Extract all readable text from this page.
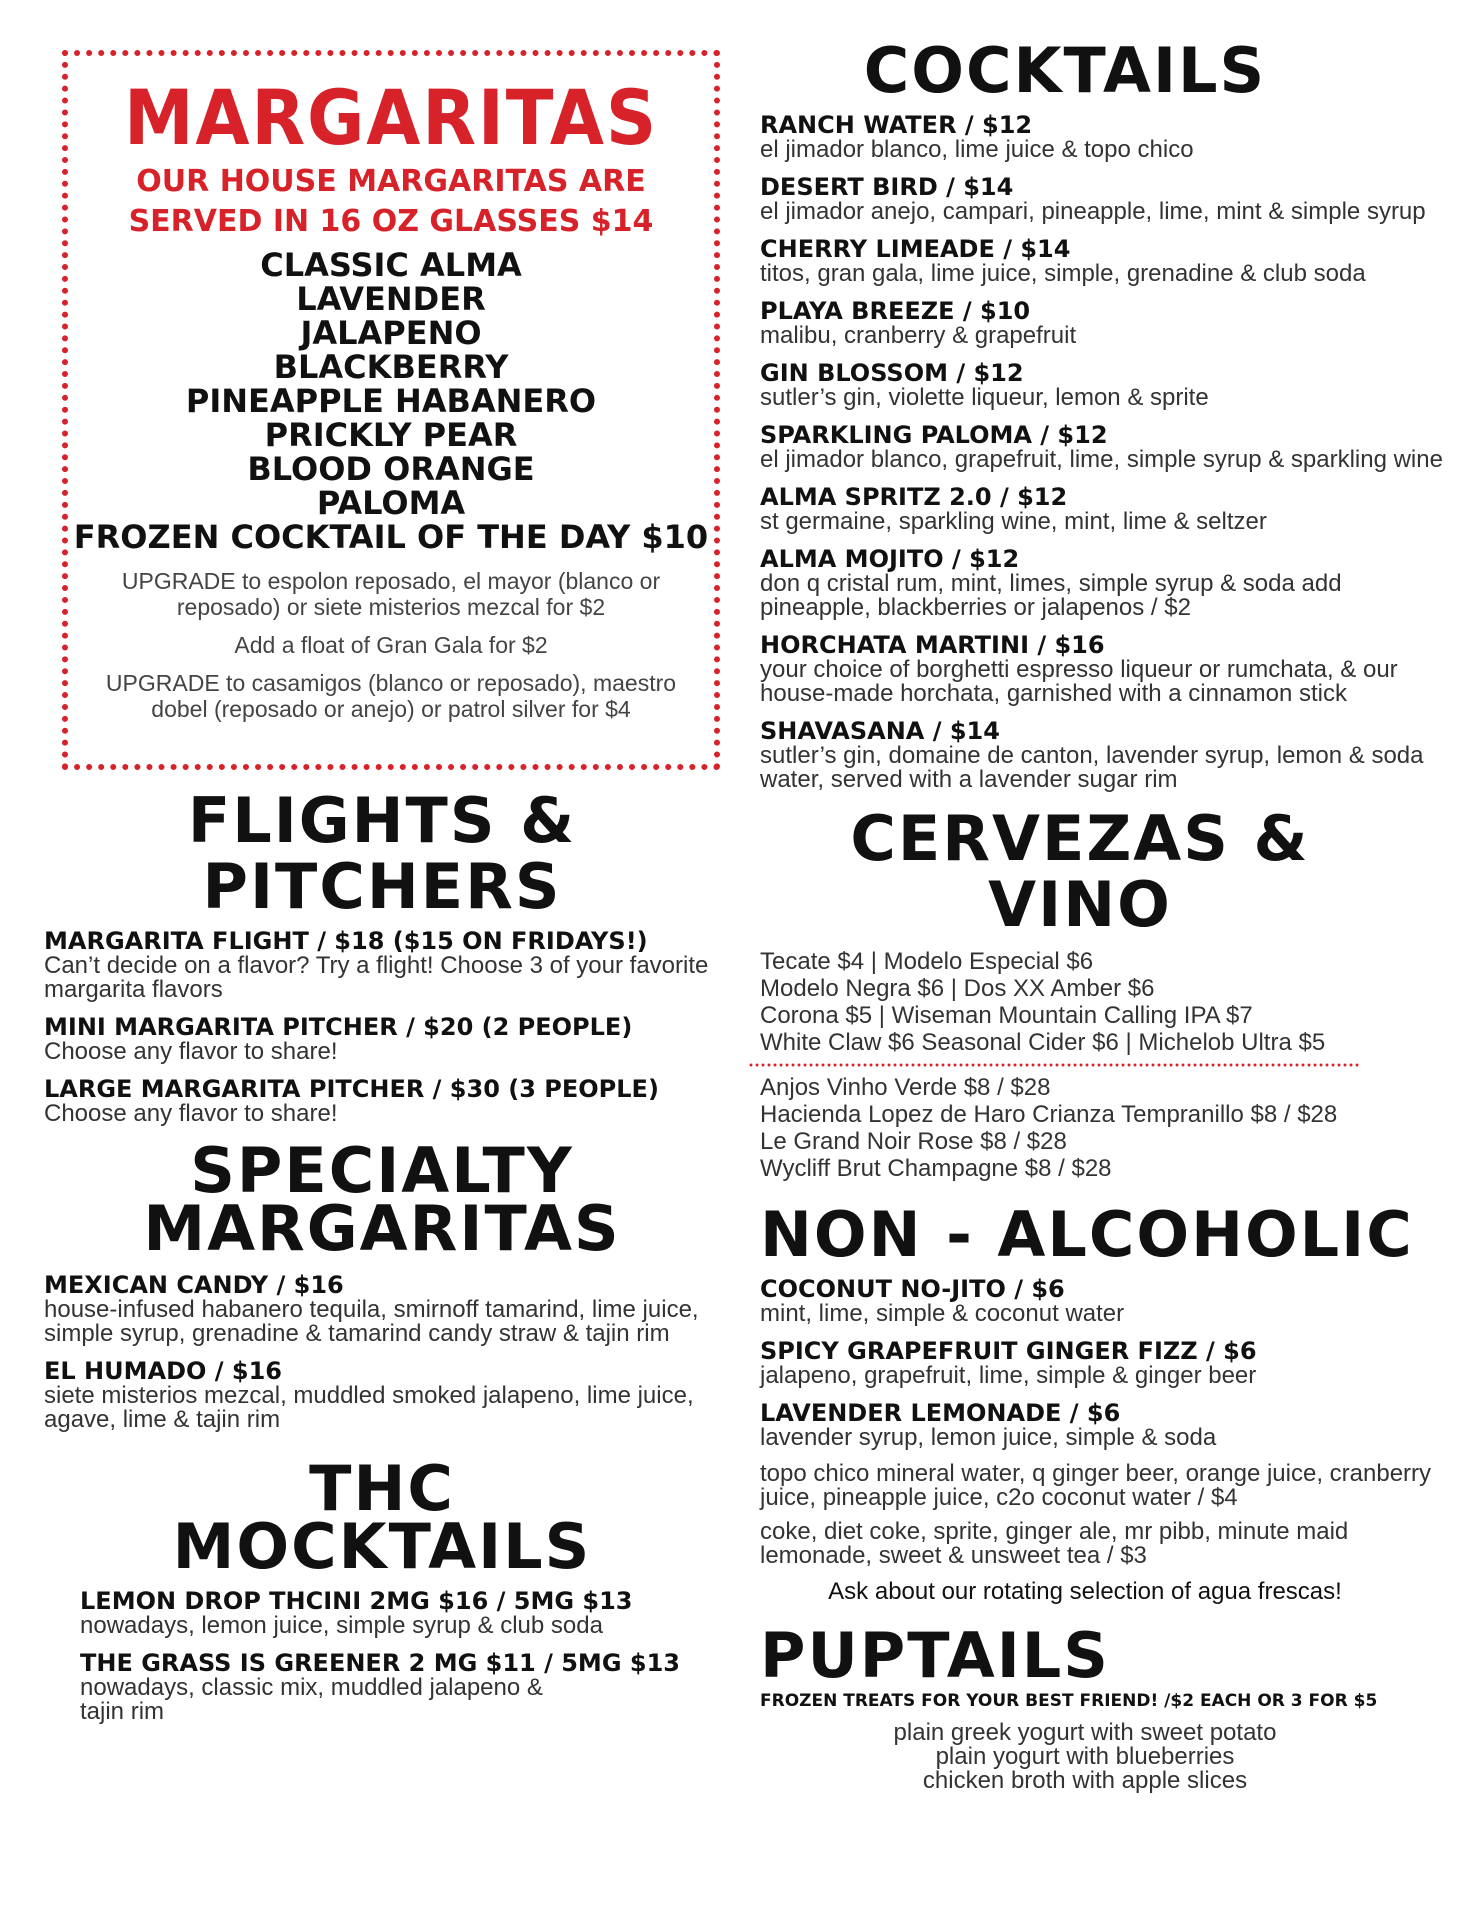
MARGARITAS
OUR HOUSE MARGARITAS ARE
SERVED IN 16 OZ GLASSES $14
CLASSIC ALMA
LAVENDER
JALAPENO
BLACKBERRY
PINEAPPLE HABANERO
PRICKLY PEAR
BLOOD ORANGE
PALOMA
FROZEN COCKTAIL OF THE DAY $10
UPGRADE to espolon reposado, el mayor (blanco or reposado) or siete misterios mezcal for $2
Add a float of Gran Gala for $2
UPGRADE to casamigos (blanco or reposado), maestro dobel (reposado or anejo) or patrol silver for $4
FLIGHTS &
PITCHERS
MARGARITA FLIGHT / $18 ($15 ON FRIDAYS!)
Can’t decide on a flavor? Try a flight! Choose 3 of your favorite margarita flavors
MINI MARGARITA PITCHER / $20 (2 PEOPLE)
Choose any flavor to share!
LARGE MARGARITA PITCHER / $30 (3 PEOPLE)
Choose any flavor to share!
SPECIALTY
MARGARITAS
MEXICAN CANDY / $16
house-infused habanero tequila, smirnoff tamarind, lime juice, simple syrup, grenadine & tamarind candy straw & tajin rim
EL HUMADO / $16
siete misterios mezcal, muddled smoked jalapeno, lime juice, agave, lime & tajin rim
THC
MOCKTAILS
LEMON DROP THCINI 2MG $16 / 5MG $13
nowadays, lemon juice, simple syrup & club soda
THE GRASS IS GREENER 2 MG $11 / 5MG $13
nowadays, classic mix, muddled jalapeno & tajin rim
COCKTAILS
RANCH WATER / $12
el jimador blanco, lime juice & topo chico
DESERT BIRD / $14
el jimador anejo, campari, pineapple, lime, mint & simple syrup
CHERRY LIMEADE / $14
titos, gran gala, lime juice, simple, grenadine & club soda
PLAYA BREEZE / $10
malibu, cranberry & grapefruit
GIN BLOSSOM / $12
sutler’s gin, violette liqueur, lemon & sprite
SPARKLING PALOMA / $12
el jimador blanco, grapefruit, lime, simple syrup & sparkling wine
ALMA SPRITZ 2.0 / $12
st germaine, sparkling wine, mint, lime & seltzer
ALMA MOJITO / $12
don q cristal rum, mint, limes, simple syrup & soda add pineapple, blackberries or jalapenos / $2
HORCHATA MARTINI / $16
your choice of borghetti espresso liqueur or rumchata, & our house-made horchata, garnished with a cinnamon stick
SHAVASANA / $14
sutler’s gin, domaine de canton, lavender syrup, lemon & soda water, served with a lavender sugar rim
CERVEZAS & VINO
Tecate $4 | Modelo Especial $6
Modelo Negra $6 | Dos XX Amber $6
Corona $5 | Wiseman Mountain Calling IPA $7
White Claw $6 Seasonal Cider $6 | Michelob Ultra $5
Anjos Vinho Verde $8 / $28
Hacienda Lopez de Haro Crianza Tempranillo $8 / $28
Le Grand Noir Rose $8 / $28
Wycliff Brut Champagne $8 / $28
NON - ALCOHOLIC
COCONUT NO-JITO / $6
mint, lime, simple & coconut water
SPICY GRAPEFRUIT GINGER FIZZ / $6
jalapeno, grapefruit, lime, simple & ginger beer
LAVENDER LEMONADE / $6
lavender syrup, lemon juice, simple & soda
topo chico mineral water, q ginger beer, orange juice, cranberry juice, pineapple juice, c2o coconut water / $4
coke, diet coke, sprite, ginger ale, mr pibb, minute maid lemonade, sweet & unsweet tea / $3
Ask about our rotating selection of agua frescas!
PUPTAILS
FROZEN TREATS FOR YOUR BEST FRIEND! /$2 EACH OR 3 FOR $5
plain greek yogurt with sweet potato
plain yogurt with blueberries
chicken broth with apple slices
